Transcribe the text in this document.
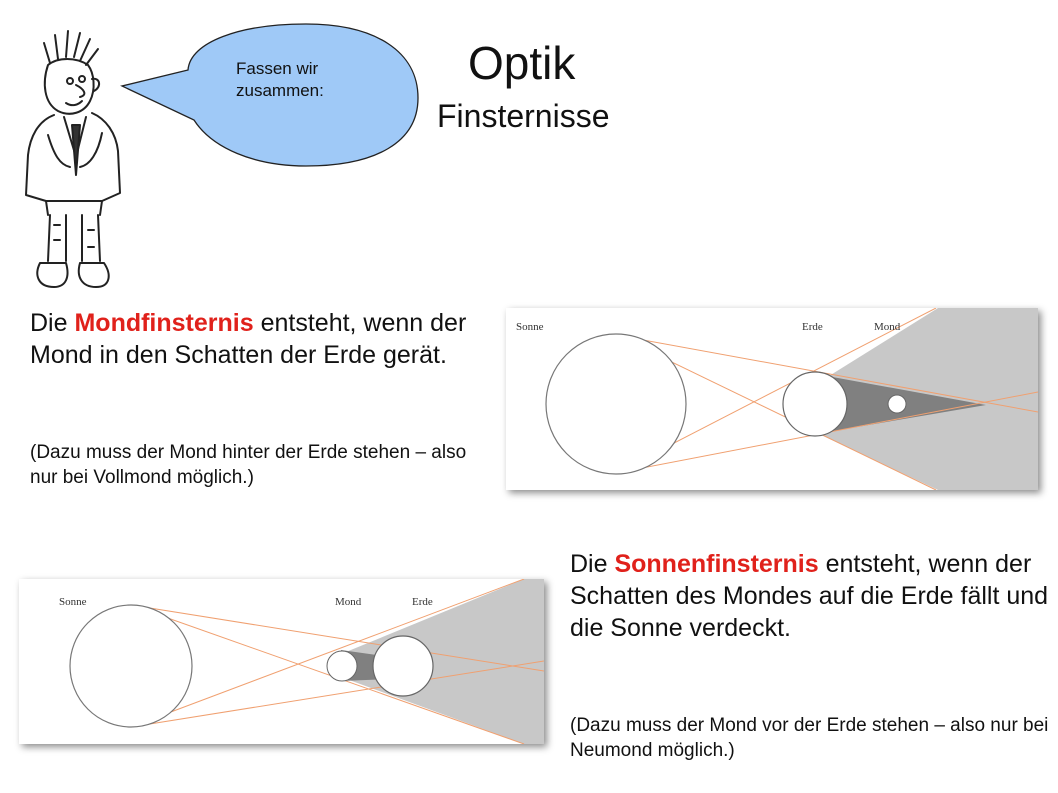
Fassen wir
zusammen:
Optik
Finsternisse
Die Mondfinsternis entsteht, wenn der Mond in den Schatten der Erde gerät.
(Dazu muss der Mond hinter der Erde stehen – also nur bei Vollmond möglich.)
Sonne	Erde	Mond
Die Sonnenfinsternis entsteht, wenn der Schatten des Mondes auf die Erde fällt und die Sonne verdeckt.
(Dazu muss der Mond vor der Erde stehen – also nur bei Neumond möglich.)
Sonne	Mond	Erde
